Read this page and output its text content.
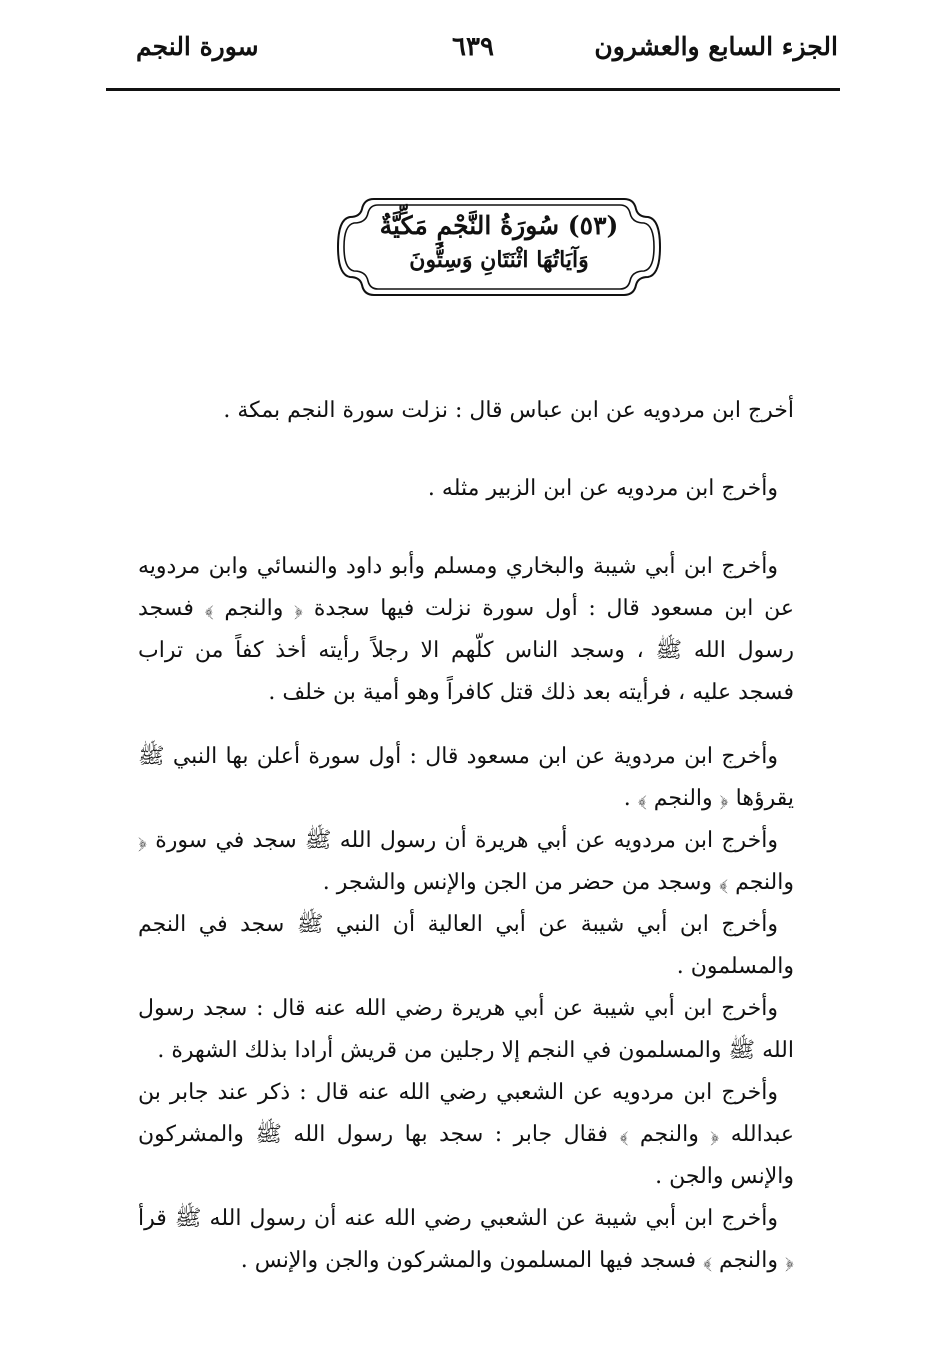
الجزء السابع والعشرون
٦٣٩
سورة النجم
(٥٣) سُورَةُ النَّجْمِ مَكِّيَّةٌ
وَآيَاتُهَا اثْنَتَانِ وَسِتُّونَ

أخرج ابن مردويه عن ابن عباس قال : نزلت سورة النجم بمكة .

وأخرج ابن مردويه عن ابن الزبير مثله .

وأخرج ابن أبي شيبة والبخاري ومسلم وأبو داود والنسائي وابن مردويه عن ابن مسعود قال : أول سورة نزلت فيها سجدة ﴿ والنجم ﴾ فسجد رسول الله ﷺ ، وسجد الناس كلّهم الا رجلاً رأيته أخذ كفاً من تراب فسجد عليه ، فرأيته بعد ذلك قتل كافراً وهو أمية بن خلف .

وأخرج ابن مردوية عن ابن مسعود قال : أول سورة أعلن بها النبي ﷺ يقرؤها ﴿ والنجم ﴾ .

وأخرج ابن مردويه عن أبي هريرة أن رسول الله ﷺ سجد في سورة ﴿ والنجم ﴾ وسجد من حضر من الجن والإنس والشجر .

وأخرج ابن أبي شيبة عن أبي العالية أن النبي ﷺ سجد في النجم والمسلمون .

وأخرج ابن أبي شيبة عن أبي هريرة رضي الله عنه قال : سجد رسول الله ﷺ والمسلمون في النجم إلا رجلين من قريش أرادا بذلك الشهرة .

وأخرج ابن مردويه عن الشعبي رضي الله عنه قال : ذكر عند جابر بن عبدالله ﴿ والنجم ﴾ فقال جابر : سجد بها رسول الله ﷺ والمشركون والإنس والجن .

وأخرج ابن أبي شيبة عن الشعبي رضي الله عنه أن رسول الله ﷺ قرأ ﴿ والنجم ﴾ فسجد فيها المسلمون والمشركون والجن والإنس .
